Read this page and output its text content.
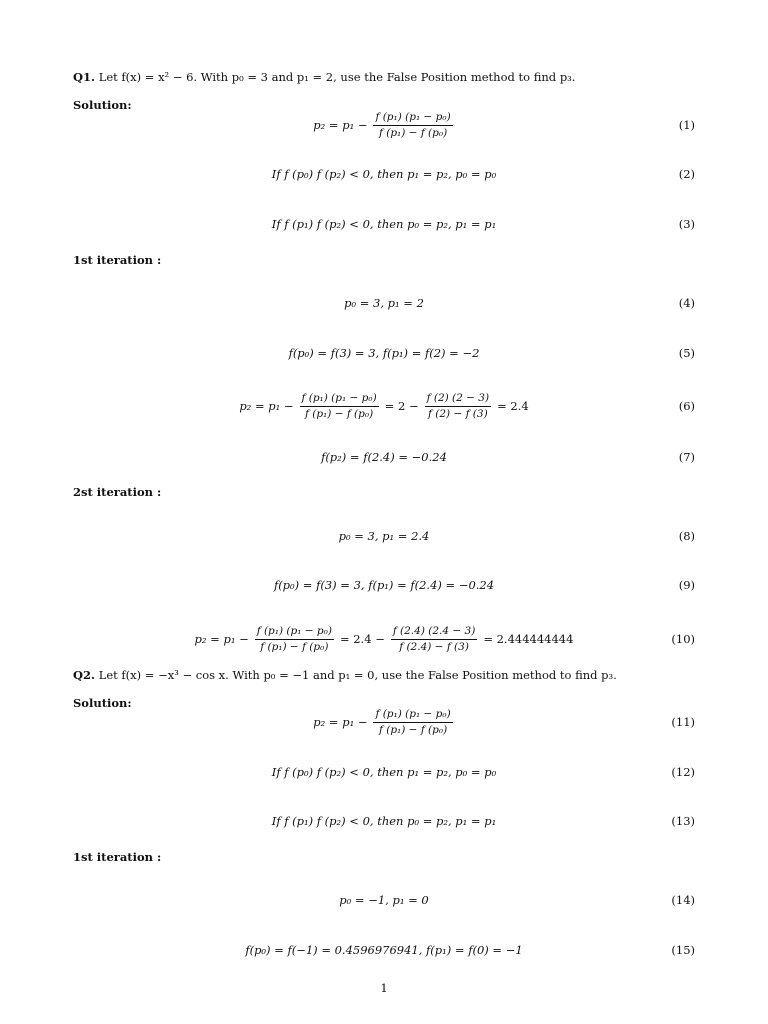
Q1. Let f(x) = x² − 6. With p₀ = 3 and p₁ = 2, use the False Position method to find p₃.
Solution:
$p_2 = p_1 - \frac{\text{f (p₁) (p₁ − p₀)}}{\text{f (p₁) − f (p₀)}}$	(1)
If f (p₀) f (p₂) < 0, then p₁ = p₂, p₀ = p₀	(2)
If f (p₁) f (p₂) < 0, then p₀ = p₂, p₁ = p₁	(3)
1st iteration :
p₀ = 3, p₁ = 2	(4)
f(p₀) = f(3) = 3, f(p₁) = f(2) = −2	(5)
$p_2 = p_1 - \frac{\text{f (p₁) (p₁ − p₀)}}{\text{f (p₁) − f (p₀)}} = 2 - \frac{f (2) (2 - 3)}{f (2) - f (3)} = 2.4$	(6)
f(p₂) = f(2.4) = −0.24	(7)
2st iteration :
p₀ = 3, p₁ = 2.4	(8)
f(p₀) = f(3) = 3, f(p₁) = f(2.4) = −0.24	(9)
$p_2 = p_1 - \frac{\text{f (p₁) (p₁ − p₀)}}{\text{f (p₁) − f (p₀)}} = 2.4 - \frac{f (2.4) (2.4 - 3)}{f (2.4) - f (3)} = 2.444444444$	(10)
Q2. Let f(x) = −x³ − cos x. With p₀ = −1 and p₁ = 0, use the False Position method to find p₃.
Solution:
$p_2 = p_1 - \frac{\text{f (p₁) (p₁ − p₀)}}{\text{f (p₁) − f (p₀)}}$	(11)
If f (p₀) f (p₂) < 0, then p₁ = p₂, p₀ = p₀	(12)
If f (p₁) f (p₂) < 0, then p₀ = p₂, p₁ = p₁	(13)
1st iteration :
p₀ = −1, p₁ = 0	(14)
f(p₀) = f(−1) = 0.4596976941, f(p₁) = f(0) = −1	(15)
1
